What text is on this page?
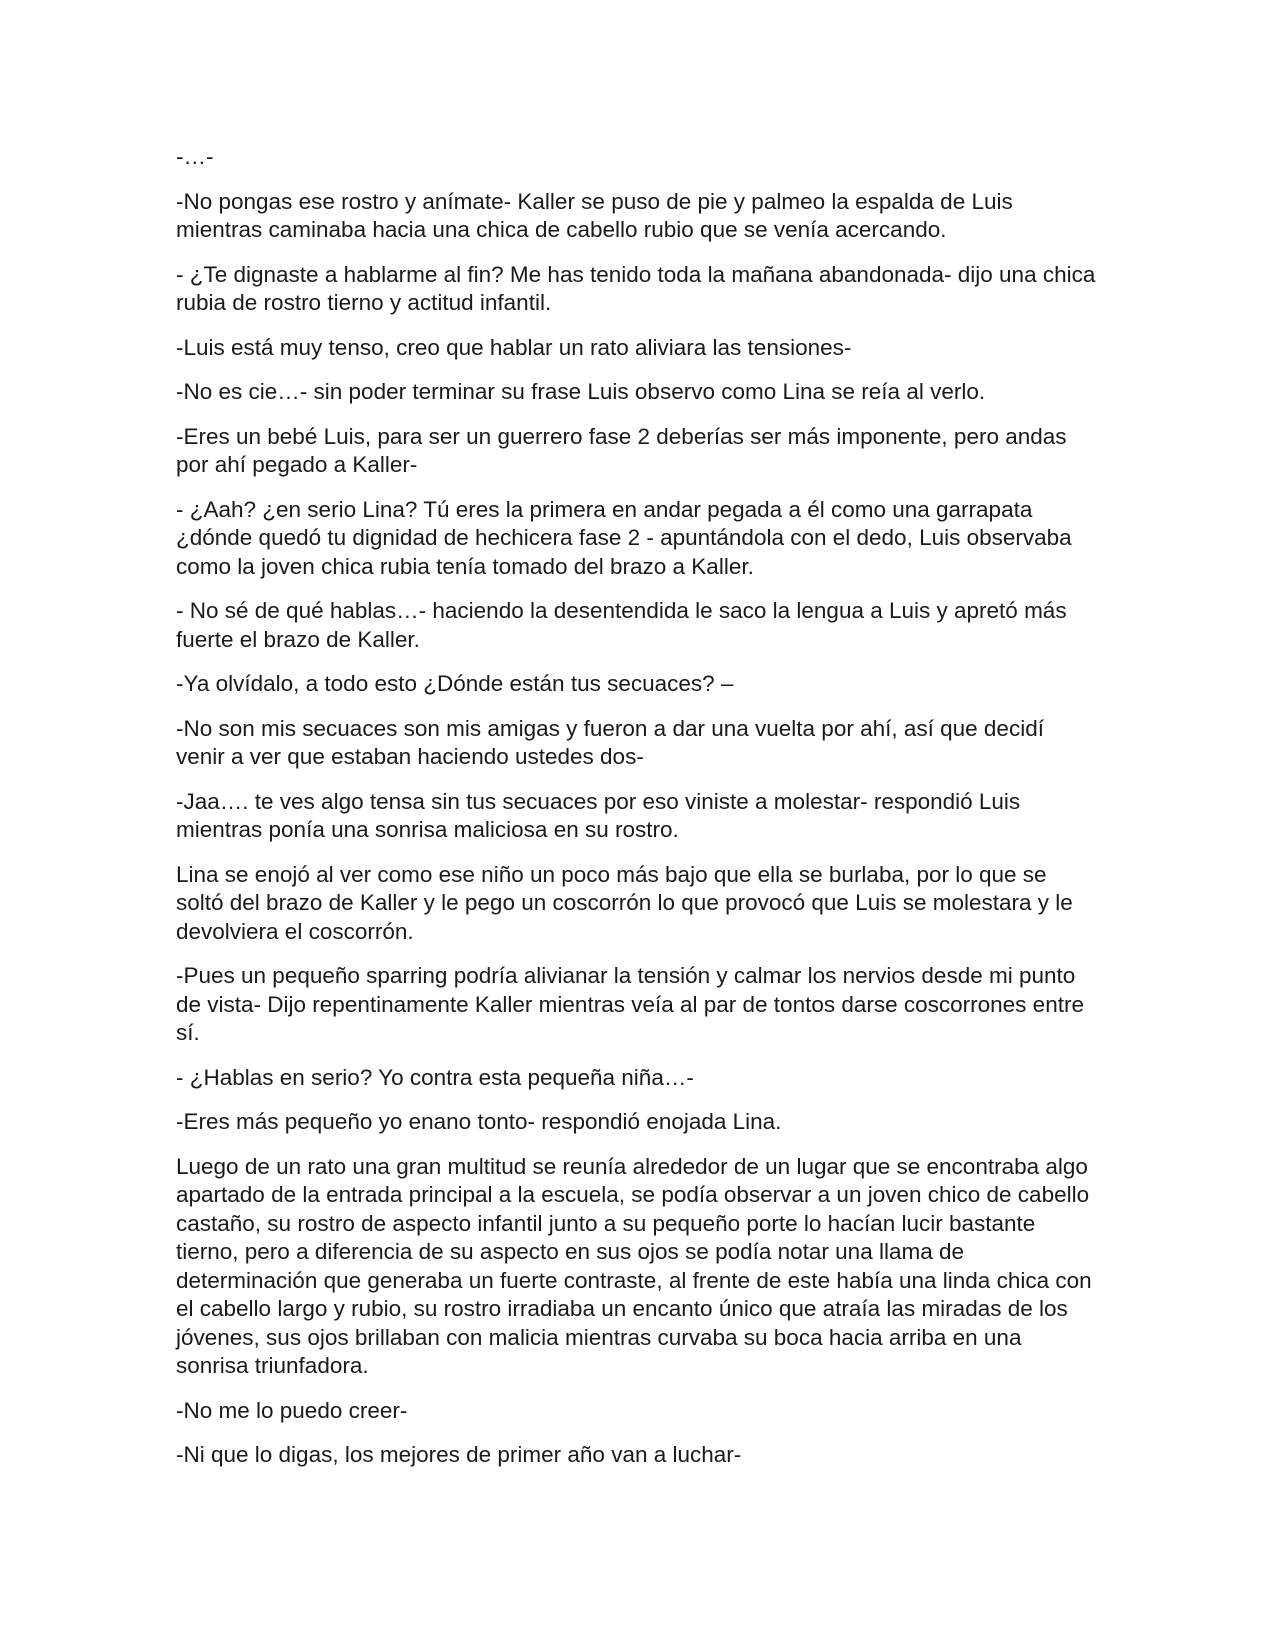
-…-

-No pongas ese rostro y anímate- Kaller se puso de pie y palmeo la espalda de Luis mientras caminaba hacia una chica de cabello rubio que se venía acercando.

- ¿Te dignaste a hablarme al fin? Me has tenido toda la mañana abandonada- dijo una chica rubia de rostro tierno y actitud infantil.

-Luis está muy tenso, creo que hablar un rato aliviara las tensiones-

-No es cie…- sin poder terminar su frase Luis observo como Lina se reía al verlo.

-Eres un bebé Luis, para ser un guerrero fase 2 deberías ser más imponente, pero andas por ahí pegado a Kaller-

- ¿Aah? ¿en serio Lina? Tú eres la primera en andar pegada a él como una garrapata ¿dónde quedó tu dignidad de hechicera fase 2 - apuntándola con el dedo, Luis observaba como la joven chica rubia tenía tomado del brazo a Kaller.

- No sé de qué hablas…- haciendo la desentendida le saco la lengua a Luis y apretó más fuerte el brazo de Kaller.

-Ya olvídalo, a todo esto ¿Dónde están tus secuaces? –

-No son mis secuaces son mis amigas y fueron a dar una vuelta por ahí, así que decidí venir a ver que estaban haciendo ustedes dos-

-Jaa…. te ves algo tensa sin tus secuaces por eso viniste a molestar- respondió Luis mientras ponía una sonrisa maliciosa en su rostro.

Lina se enojó al ver como ese niño un poco más bajo que ella se burlaba, por lo que se soltó del brazo de Kaller y le pego un coscorrón lo que provocó que Luis se molestara y le devolviera el coscorrón.

-Pues un pequeño sparring podría alivianar la tensión y calmar los nervios desde mi punto de vista- Dijo repentinamente Kaller mientras veía al par de tontos darse coscorrones entre sí.

- ¿Hablas en serio? Yo contra esta pequeña niña…-

-Eres más pequeño yo enano tonto- respondió enojada Lina.

Luego de un rato una gran multitud se reunía alrededor de un lugar que se encontraba algo apartado de la entrada principal a la escuela, se podía observar a un joven chico de cabello castaño, su rostro de aspecto infantil junto a su pequeño porte lo hacían lucir bastante tierno, pero a diferencia de su aspecto en sus ojos se podía notar una llama de determinación que generaba un fuerte contraste, al frente de este había una linda chica con el cabello largo y rubio, su rostro irradiaba un encanto único que atraía las miradas de los jóvenes, sus ojos brillaban con malicia mientras curvaba su boca hacia arriba en una sonrisa triunfadora.

-No me lo puedo creer-

-Ni que lo digas, los mejores de primer año van a luchar-
